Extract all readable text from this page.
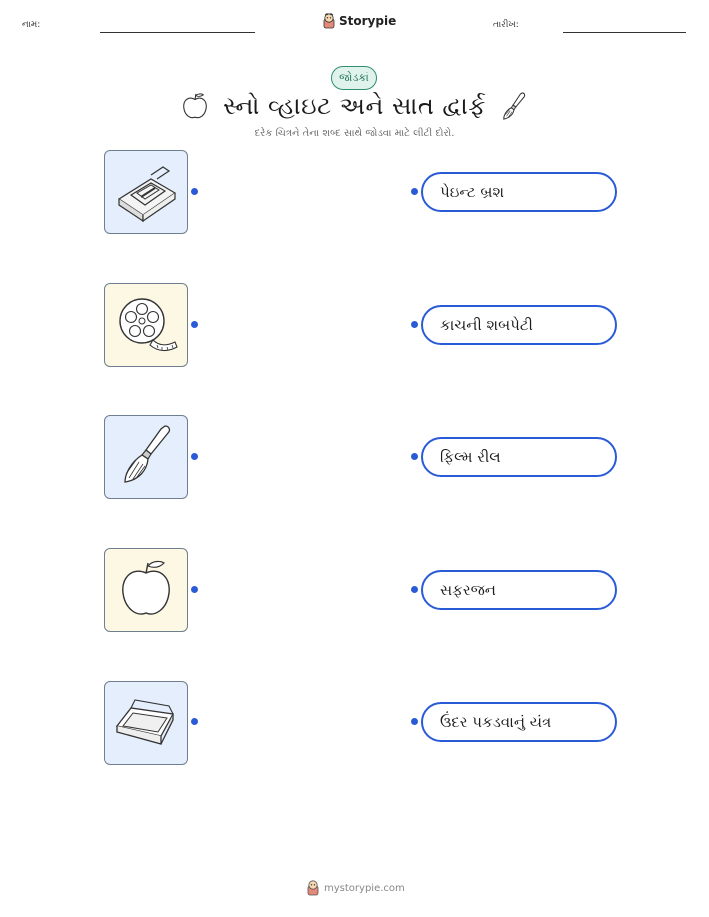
નામ:	Storypie	તારીખ:
જોડકાં
સ્નો વ્હાઇટ અને સાત દ્વાર્ફ
દરેક ચિત્રને તેના શબ્દ સાથે જોડવા માટે લીટી દોરો.
પેઇન્ટ બ્રશ
કાચની શબપેટી
ફિલ્મ રીલ
સફરજન
ઉંદર પકડવાનું યંત્ર
mystorypie.com
